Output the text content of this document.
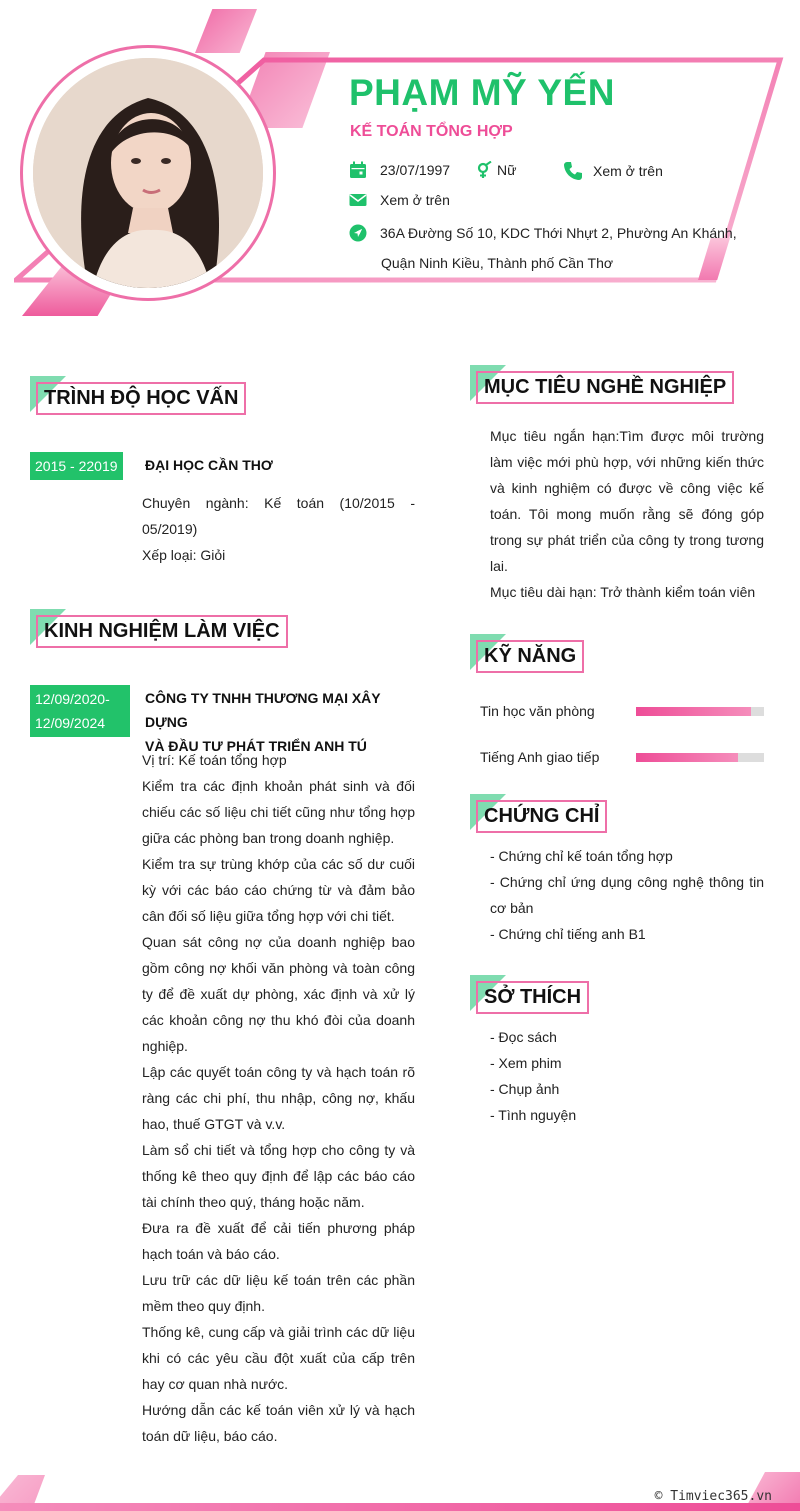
PHẠM MỸ YẾN
KẾ TOÁN TỔNG HỢP
23/07/1997	Nữ	Xem ở trên
Xem ở trên
36A Đường Số 10, KDC Thới Nhựt 2, Phường An Khánh,
Quận Ninh Kiều, Thành phố Cần Thơ
TRÌNH ĐỘ HỌC VẤN
2015 - 22019	ĐẠI HỌC CẦN THƠ

Chuyên ngành: Kế toán (10/2015 - 05/2019)

Xếp loại: Giỏi

KINH NGHIỆM LÀM VIỆC
12/09/2020-
12/09/2024
CÔNG TY TNHH THƯƠNG MẠI XÂY DỰNG
VÀ ĐẦU TƯ PHÁT TRIỂN ANH TÚ

Vị trí: Kế toán tổng hợp

Kiểm tra các định khoản phát sinh và đối chiếu các số liệu chi tiết cũng như tổng hợp giữa các phòng ban trong doanh nghiệp.

Kiểm tra sự trùng khớp của các số dư cuối kỳ với các báo cáo chứng từ và đảm bảo cân đối số liệu giữa tổng hợp với chi tiết.

Quan sát công nợ của doanh nghiệp bao gồm công nợ khối văn phòng và toàn công ty để đề xuất dự phòng, xác định và xử lý các khoản công nợ thu khó đòi của doanh nghiệp.

Lập các quyết toán công ty và hạch toán rõ ràng các chi phí, thu nhập, công nợ, khấu hao, thuế GTGT và v.v.

Làm sổ chi tiết và tổng hợp cho công ty và thống kê theo quy định để lập các báo cáo tài chính theo quý, tháng hoặc năm.

Đưa ra đề xuất để cải tiến phương pháp hạch toán và báo cáo.

Lưu trữ các dữ liệu kế toán trên các phần mềm theo quy định.

Thống kê, cung cấp và giải trình các dữ liệu khi có các yêu cầu đột xuất của cấp trên hay cơ quan nhà nước.

Hướng dẫn các kế toán viên xử lý và hạch toán dữ liệu, báo cáo.

MỤC TIÊU NGHỀ NGHIỆP

Mục tiêu ngắn hạn:Tìm được môi trường làm việc mới phù hợp, với những kiến thức và kinh nghiệm có được về công việc kế toán. Tôi mong muốn rằng sẽ đóng góp trong sự phát triển của công ty trong tương lai.

Mục tiêu dài hạn: Trở thành kiểm toán viên

KỸ NĂNG
Tin học văn phòng
Tiếng Anh giao tiếp
CHỨNG CHỈ
- Chứng chỉ kế toán tổng hợp
- Chứng chỉ ứng dụng công nghệ thông tin cơ bản
- Chứng chỉ tiếng anh B1
SỞ THÍCH
- Đọc sách
- Xem phim
- Chụp ảnh
- Tình nguyện
© Timviec365.vn
